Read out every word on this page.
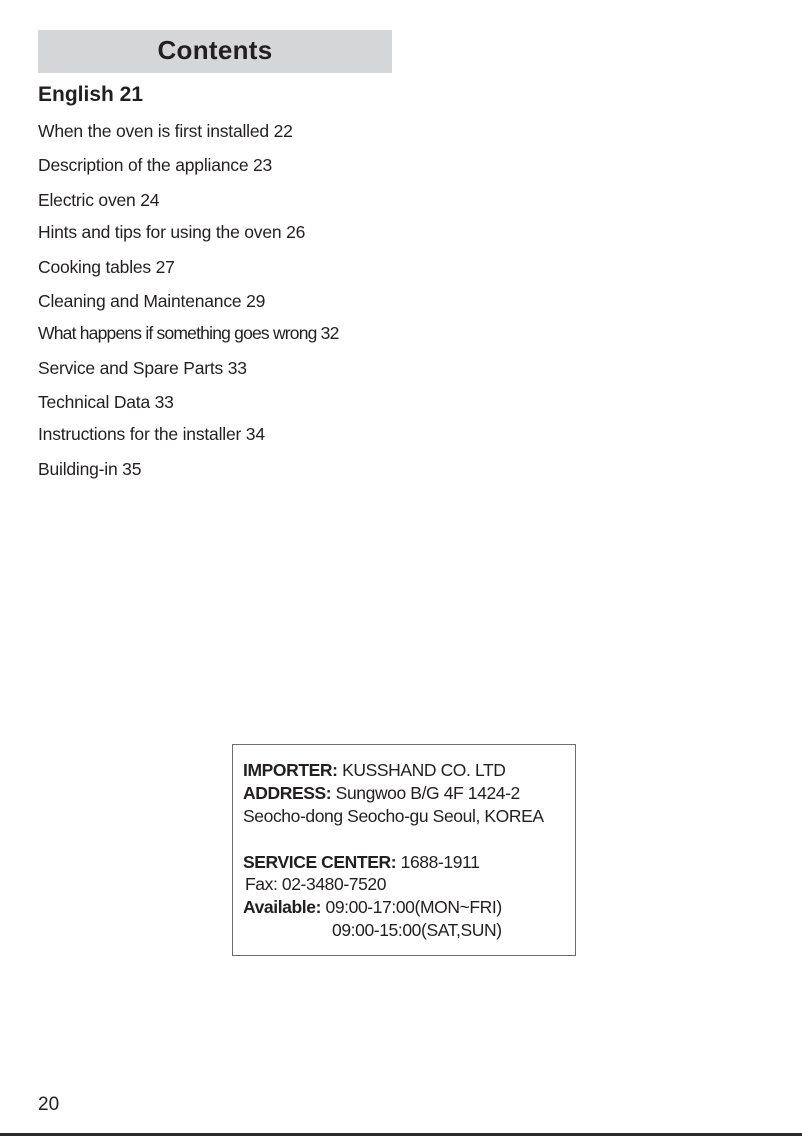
Contents
English 21
When the oven is first installed 22
Description of the appliance 23
Electric oven 24
Hints and tips for using the oven 26
Cooking tables 27
Cleaning and Maintenance 29
What happens if something goes wrong 32
Service and Spare Parts 33
Technical Data 33
Instructions for the installer 34
Building-in 35
IMPORTER: KUSSHAND CO. LTD
ADDRESS: Sungwoo B/G 4F 1424-2
Seocho-dong Seocho-gu Seoul, KOREA
SERVICE CENTER: 1688-1911
Fax: 02-3480-7520
Available: 09:00-17:00(MON~FRI)
09:00-15:00(SAT,SUN)
20
